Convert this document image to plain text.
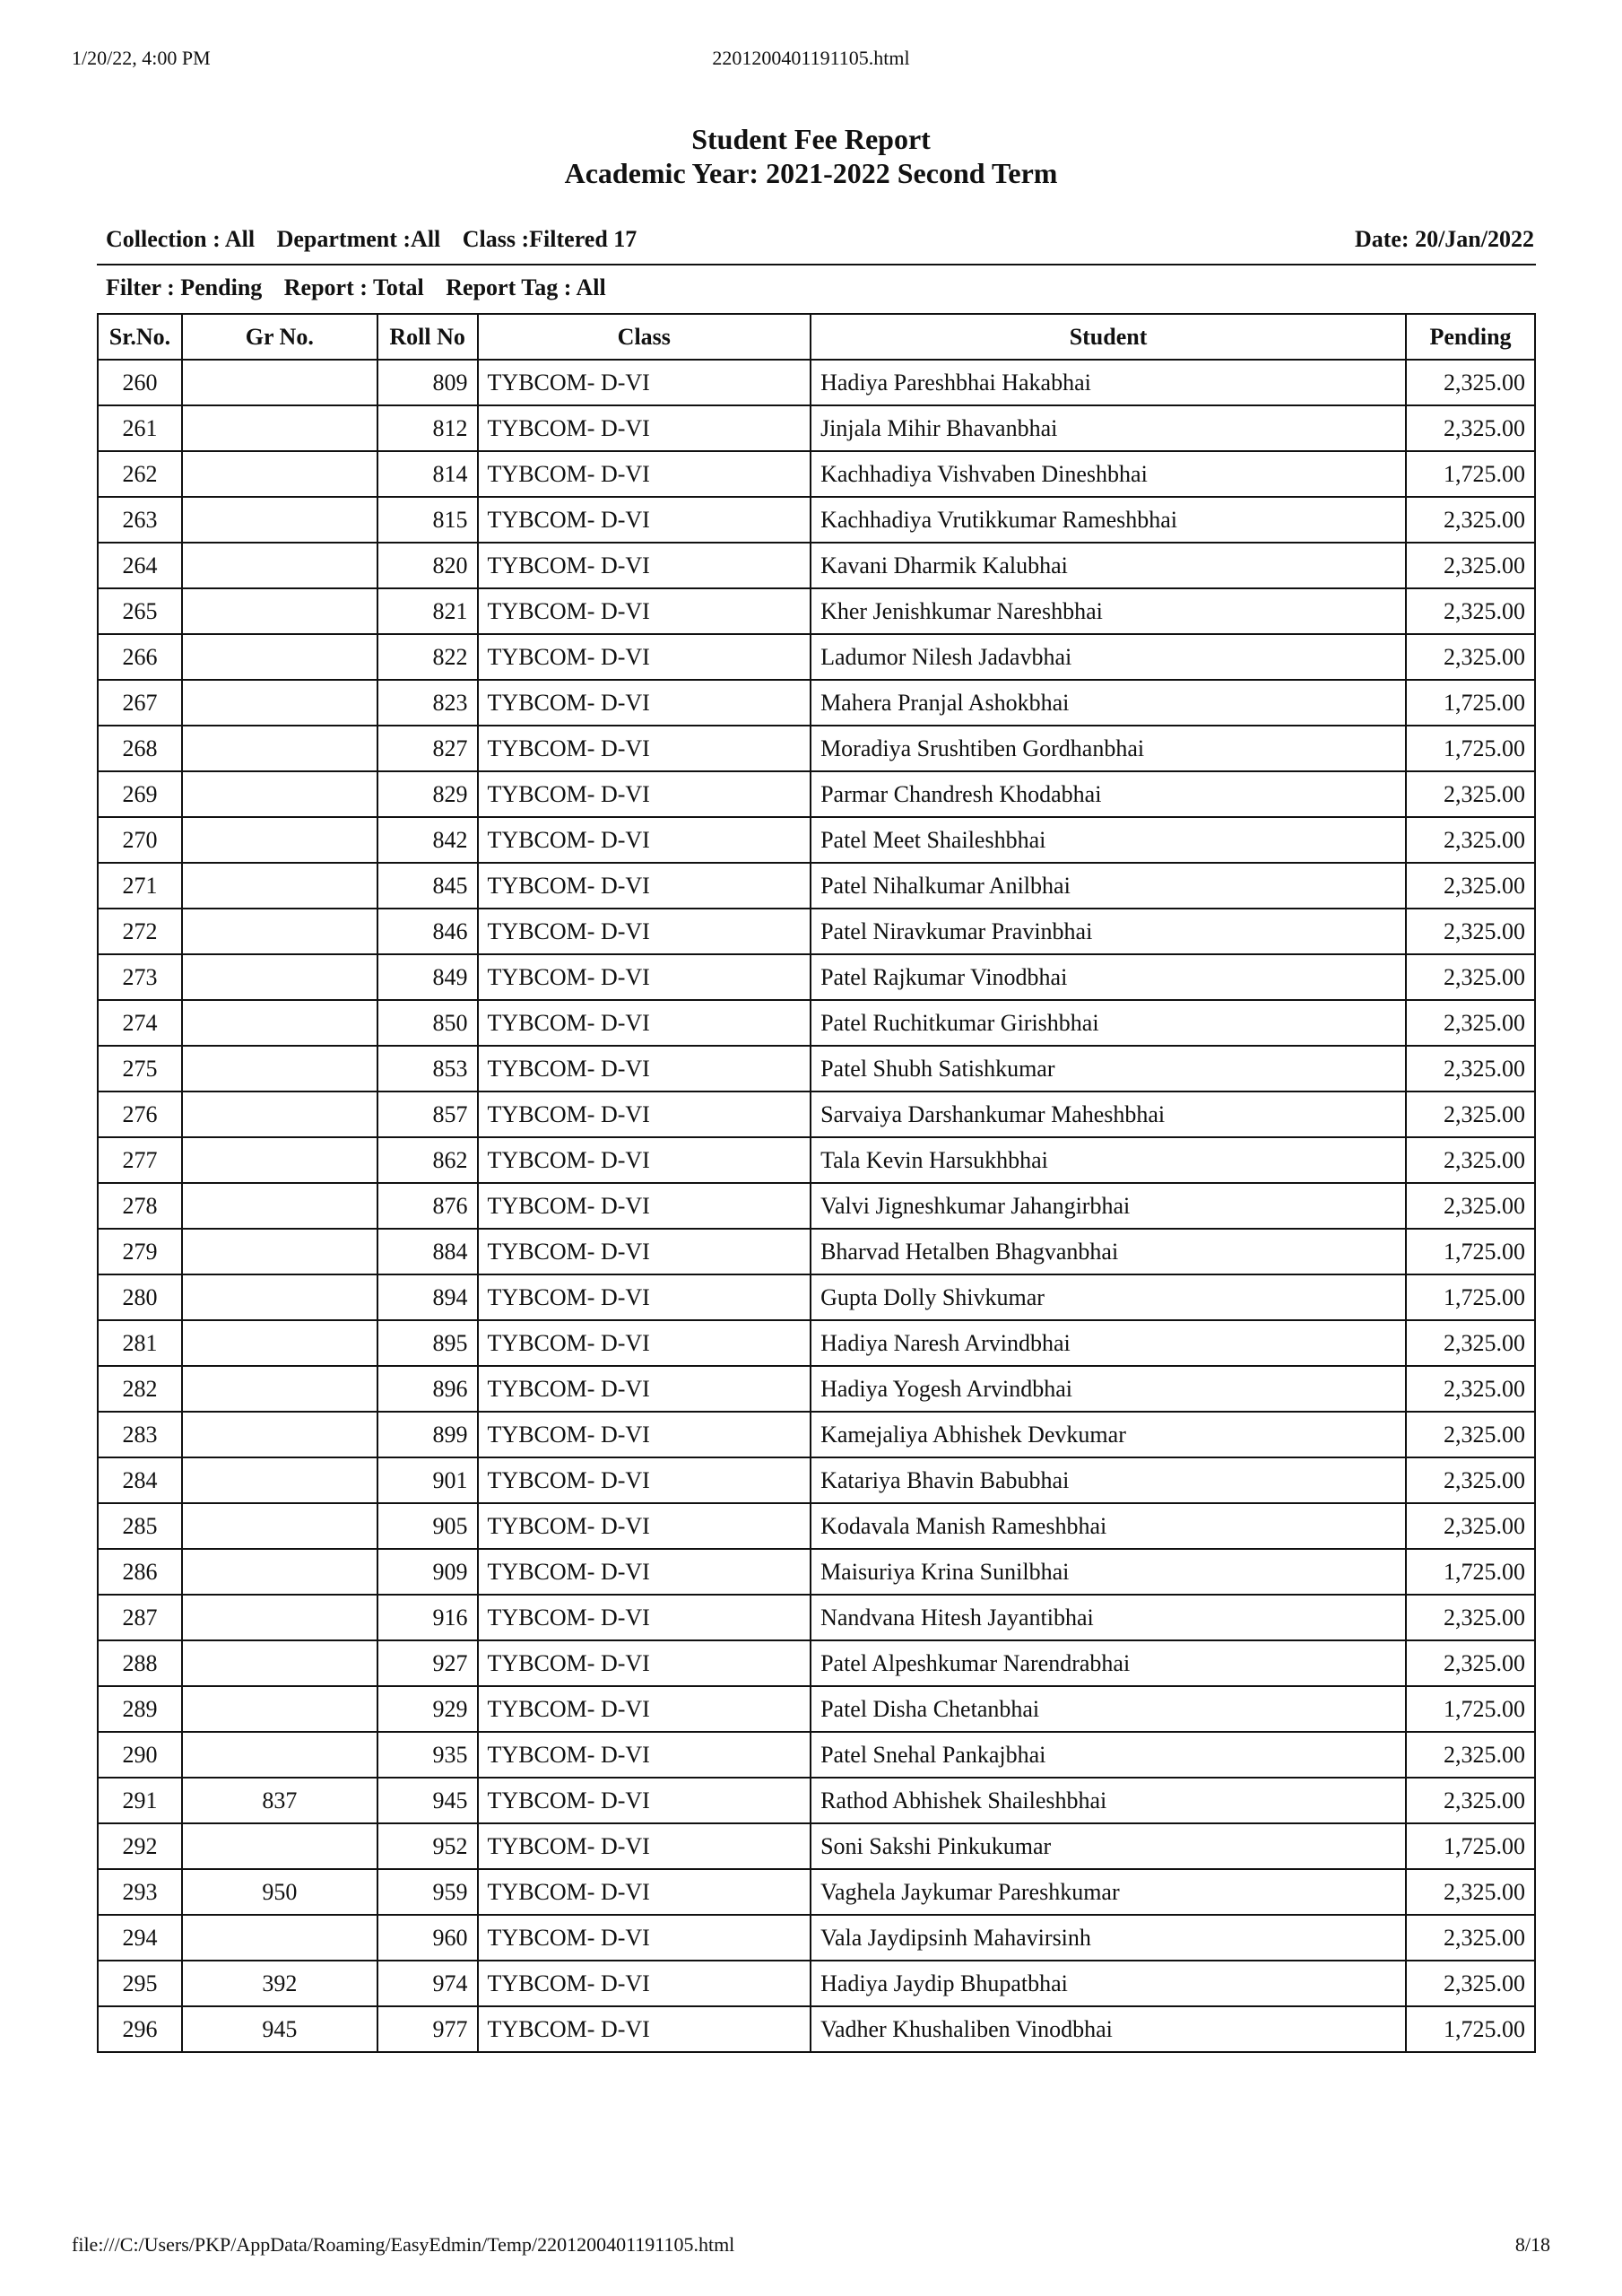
1/20/22, 4:00 PM	2201200401191105.html
Student Fee Report
Academic Year: 2021-2022 Second Term
Collection : All Department :All Class :Filtered 17	Date: 20/Jan/2022
Filter : Pending Report : Total Report Tag : All
Sr.No.	Gr No.	Roll No	Class	Student	Pending
260		809	TYBCOM- D-VI	Hadiya Pareshbhai Hakabhai	2,325.00
261		812	TYBCOM- D-VI	Jinjala Mihir Bhavanbhai	2,325.00
262		814	TYBCOM- D-VI	Kachhadiya Vishvaben Dineshbhai	1,725.00
263		815	TYBCOM- D-VI	Kachhadiya Vrutikkumar Rameshbhai	2,325.00
264		820	TYBCOM- D-VI	Kavani Dharmik Kalubhai	2,325.00
265		821	TYBCOM- D-VI	Kher Jenishkumar Nareshbhai	2,325.00
266		822	TYBCOM- D-VI	Ladumor Nilesh Jadavbhai	2,325.00
267		823	TYBCOM- D-VI	Mahera Pranjal Ashokbhai	1,725.00
268		827	TYBCOM- D-VI	Moradiya Srushtiben Gordhanbhai	1,725.00
269		829	TYBCOM- D-VI	Parmar Chandresh Khodabhai	2,325.00
270		842	TYBCOM- D-VI	Patel Meet Shaileshbhai	2,325.00
271		845	TYBCOM- D-VI	Patel Nihalkumar Anilbhai	2,325.00
272		846	TYBCOM- D-VI	Patel Niravkumar Pravinbhai	2,325.00
273		849	TYBCOM- D-VI	Patel Rajkumar Vinodbhai	2,325.00
274		850	TYBCOM- D-VI	Patel Ruchitkumar Girishbhai	2,325.00
275		853	TYBCOM- D-VI	Patel Shubh Satishkumar	2,325.00
276		857	TYBCOM- D-VI	Sarvaiya Darshankumar Maheshbhai	2,325.00
277		862	TYBCOM- D-VI	Tala Kevin Harsukhbhai	2,325.00
278		876	TYBCOM- D-VI	Valvi Jigneshkumar Jahangirbhai	2,325.00
279		884	TYBCOM- D-VI	Bharvad Hetalben Bhagvanbhai	1,725.00
280		894	TYBCOM- D-VI	Gupta Dolly Shivkumar	1,725.00
281		895	TYBCOM- D-VI	Hadiya Naresh Arvindbhai	2,325.00
282		896	TYBCOM- D-VI	Hadiya Yogesh Arvindbhai	2,325.00
283		899	TYBCOM- D-VI	Kamejaliya Abhishek Devkumar	2,325.00
284		901	TYBCOM- D-VI	Katariya Bhavin Babubhai	2,325.00
285		905	TYBCOM- D-VI	Kodavala Manish Rameshbhai	2,325.00
286		909	TYBCOM- D-VI	Maisuriya Krina Sunilbhai	1,725.00
287		916	TYBCOM- D-VI	Nandvana Hitesh Jayantibhai	2,325.00
288		927	TYBCOM- D-VI	Patel Alpeshkumar Narendrabhai	2,325.00
289		929	TYBCOM- D-VI	Patel Disha Chetanbhai	1,725.00
290		935	TYBCOM- D-VI	Patel Snehal Pankajbhai	2,325.00
291	837	945	TYBCOM- D-VI	Rathod Abhishek Shaileshbhai	2,325.00
292		952	TYBCOM- D-VI	Soni Sakshi Pinkukumar	1,725.00
293	950	959	TYBCOM- D-VI	Vaghela Jaykumar Pareshkumar	2,325.00
294		960	TYBCOM- D-VI	Vala Jaydipsinh Mahavirsinh	2,325.00
295	392	974	TYBCOM- D-VI	Hadiya Jaydip Bhupatbhai	2,325.00
296	945	977	TYBCOM- D-VI	Vadher Khushaliben Vinodbhai	1,725.00
file:///C:/Users/PKP/AppData/Roaming/EasyEdmin/Temp/2201200401191105.html	8/18
